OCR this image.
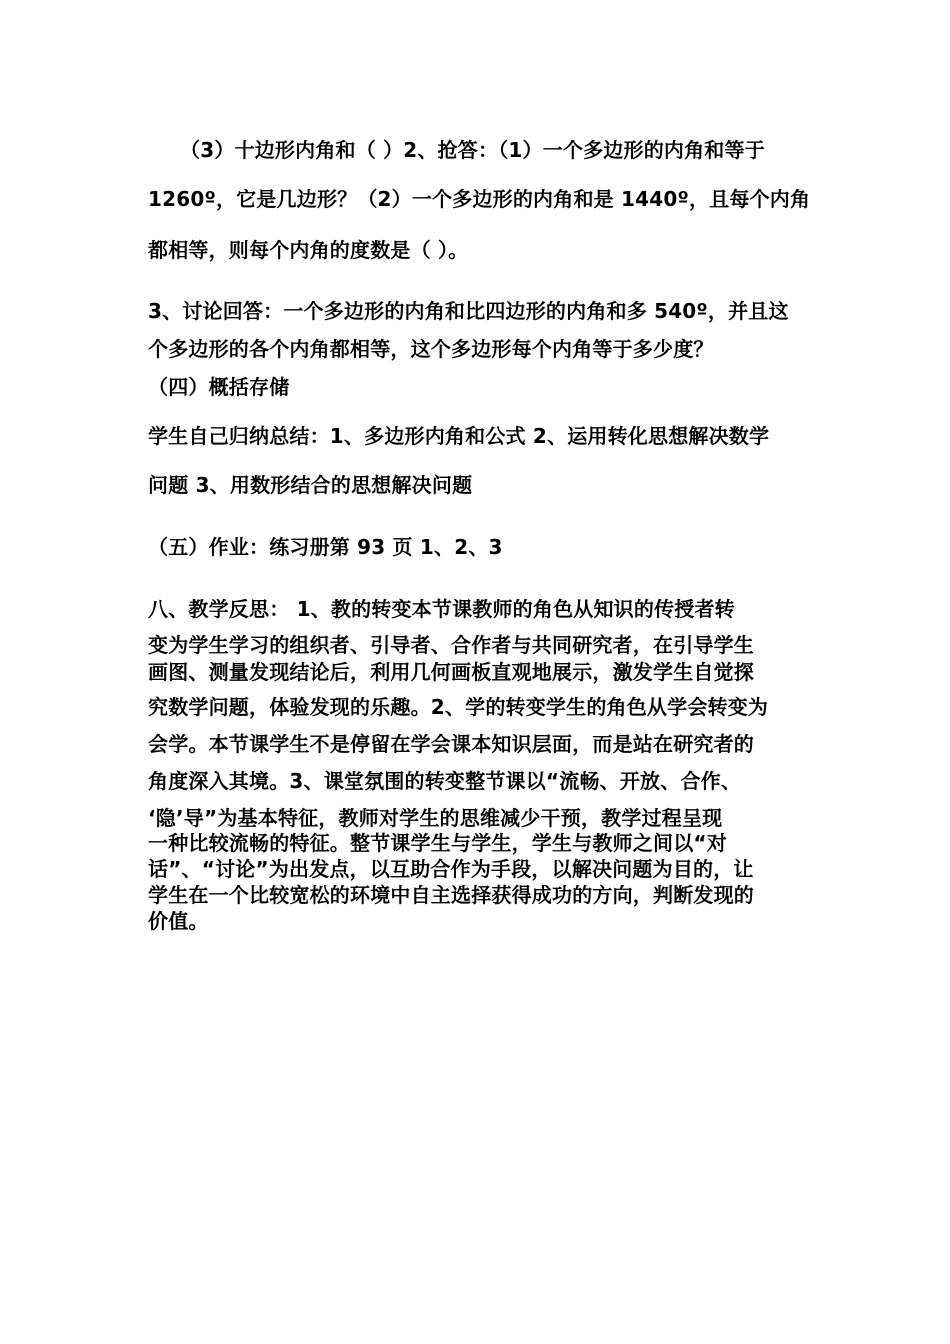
（3）十边形内角和（ ）2、抢答：（1）一个多边形的内角和等于
1260º，它是几边形？（2）一个多边形的内角和是 1440º，且每个内角
都相等，则每个内角的度数是（ ）。
3、讨论回答：一个多边形的内角和比四边形的内角和多 540º，并且这
个多边形的各个内角都相等，这个多边形每个内角等于多少度？
（四）概括存储
学生自己归纳总结：1、多边形内角和公式 2、运用转化思想解决数学
问题 3、用数形结合的思想解决问题
（五）作业：练习册第 93 页 1、2、3
八、教学反思： 1、教的转变本节课教师的角色从知识的传授者转
变为学生学习的组织者、引导者、合作者与共同研究者，在引导学生
画图、测量发现结论后，利用几何画板直观地展示，激发学生自觉探
究数学问题，体验发现的乐趣。2、学的转变学生的角色从学会转变为
会学。本节课学生不是停留在学会课本知识层面，而是站在研究者的
角度深入其境。3、课堂氛围的转变整节课以“流畅、开放、合作、
‘隐’导”为基本特征，教师对学生的思维减少干预，教学过程呈现
一种比较流畅的特征。整节课学生与学生，学生与教师之间以“对
话”、“讨论”为出发点，以互助合作为手段，以解决问题为目的，让
学生在一个比较宽松的环境中自主选择获得成功的方向，判断发现的
价值。
